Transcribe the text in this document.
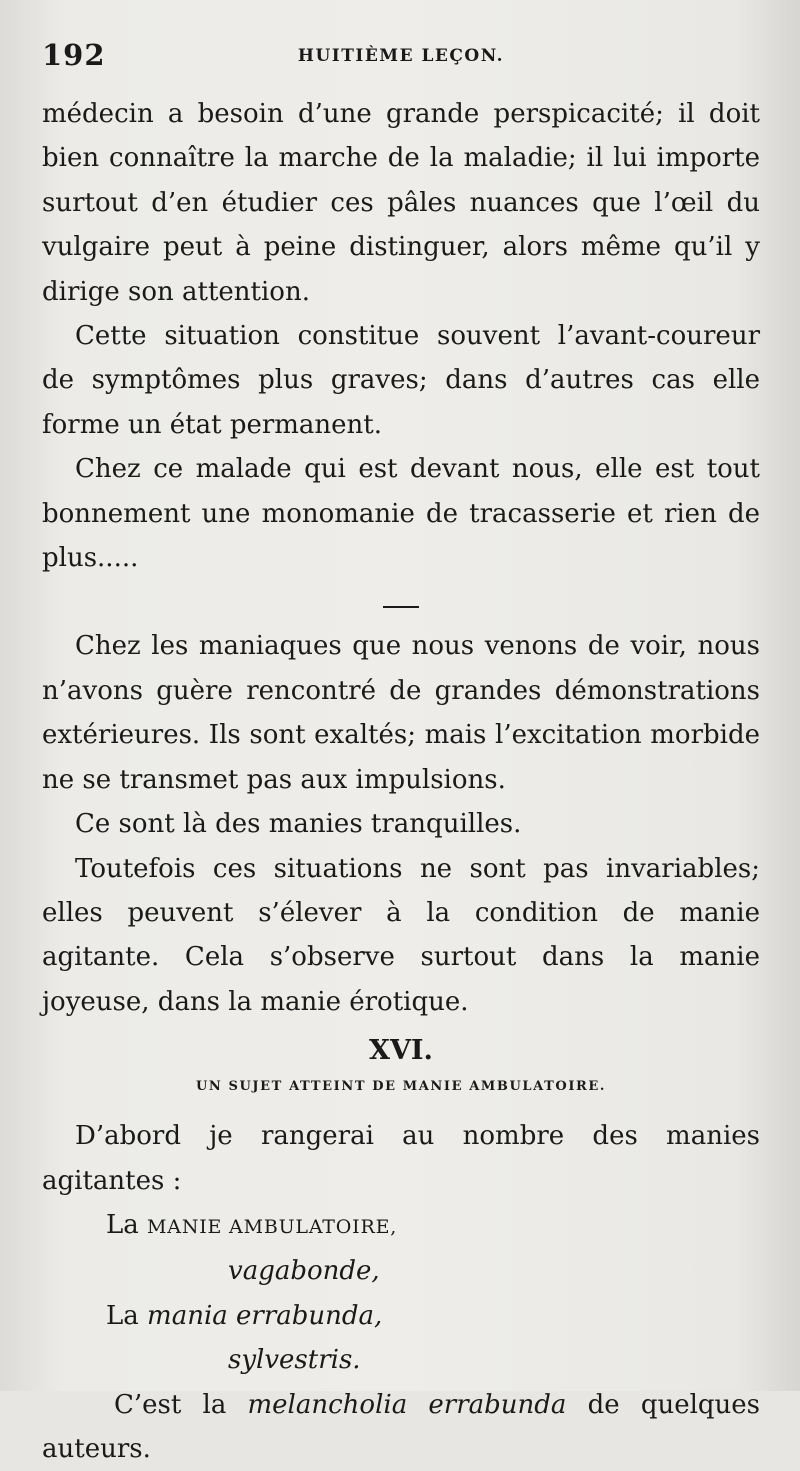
192	HUITIÈME LEÇON.

médecin a besoin d’une grande perspicacité; il doit bien connaître la marche de la maladie; il lui importe surtout d’en étudier ces pâles nuances que l’œil du vulgaire peut à peine distinguer, alors même qu’il y dirige son attention.

Cette situation constitue souvent l’avant-coureur de symptômes plus graves; dans d’autres cas elle forme un état permanent.

Chez ce malade qui est devant nous, elle est tout bonnement une monomanie de tracasserie et rien de plus.....

Chez les maniaques que nous venons de voir, nous n’avons guère rencontré de grandes démonstrations extérieures. Ils sont exaltés; mais l’excitation morbide ne se transmet pas aux impulsions.

Ce sont là des manies tranquilles.

Toutefois ces situations ne sont pas invariables; elles peuvent s’élever à la condition de manie agitante. Cela s’observe surtout dans la manie joyeuse, dans la manie érotique.

XVI.
UN SUJET ATTEINT DE MANIE AMBULATOIRE.

D’abord je rangerai au nombre des manies agitantes :

La MANIE AMBULATOIRE,

vagabonde,

La mania errabunda,

sylvestris.

C’est la melancholia errabunda de quelques auteurs.
